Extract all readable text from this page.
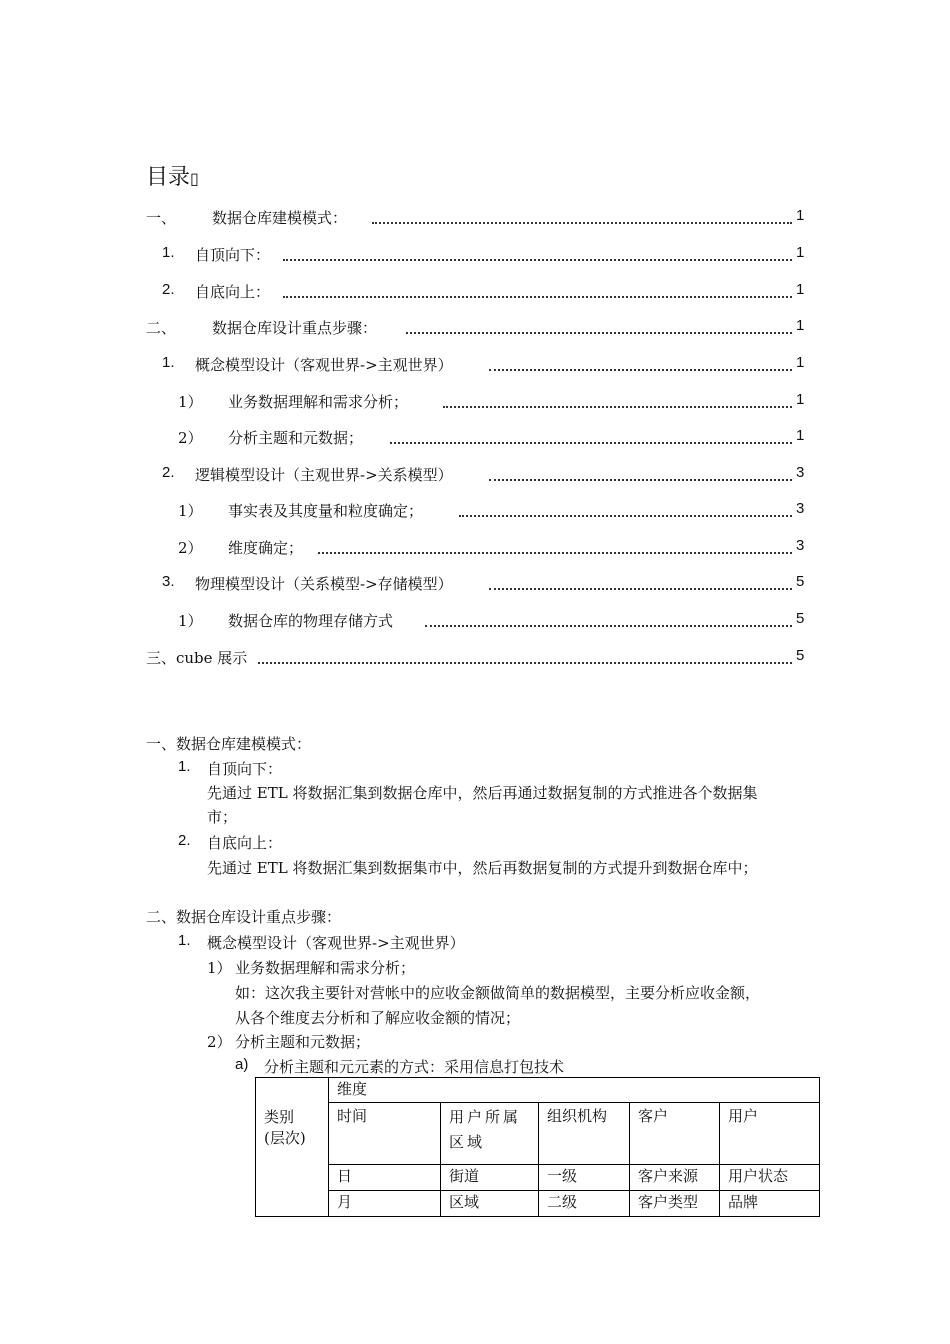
目录▯
一、 数据仓库建模模式：	1
1. 自顶向下：	1
2. 自底向上：	1
二、 数据仓库设计重点步骤：	1
1. 概念模型设计（客观世界->主观世界）	1
1） 业务数据理解和需求分析；	1
2） 分析主题和元数据；	1
2. 逻辑模型设计（主观世界->关系模型）	3
1） 事实表及其度量和粒度确定；	3
2） 维度确定；	3
3. 物理模型设计（关系模型->存储模型）	5
1） 数据仓库的物理存储方式	5
三、cube 展示	5
一、数据仓库建模模式：
1. 自顶向下：
先通过 ETL 将数据汇集到数据仓库中，然后再通过数据复制的方式推进各个数据集
市；
2. 自底向上：
先通过 ETL 将数据汇集到数据集市中，然后再数据复制的方式提升到数据仓库中；
二、数据仓库设计重点步骤：
1. 概念模型设计（客观世界->主观世界）
1） 业务数据理解和需求分析；
如：这次我主要针对营帐中的应收金额做简单的数据模型，主要分析应收金额，
从各个维度去分析和了解应收金额的情况；
2） 分析主题和元数据；
a) 分析主题和元元素的方式：采用信息打包技术
类别
(层次)	维度				
	时间	用户所属区域	组织机构	客户	用户
	日	街道	一级	客户来源	用户状态
	月	区域	二级	客户类型	品牌
